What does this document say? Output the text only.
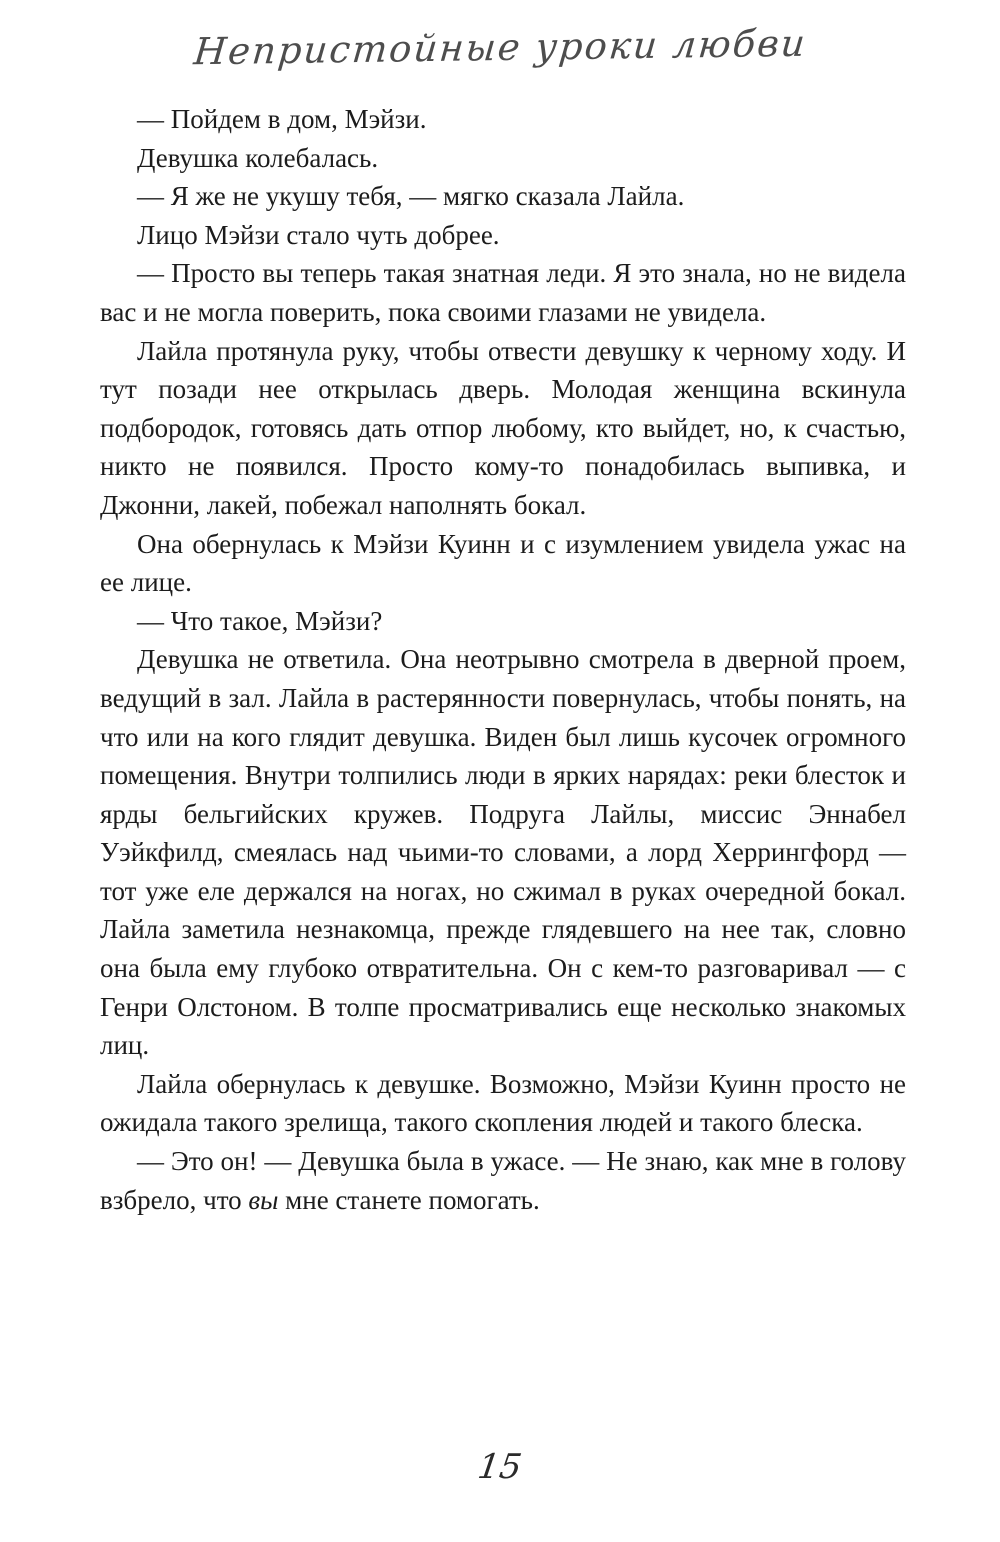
Непристойные уроки любви

— Пойдем в дом, Мэйзи.

Девушка колебалась.

— Я же не укушу тебя, — мягко сказала Лайла.

Лицо Мэйзи стало чуть добрее.

— Просто вы теперь такая знатная леди. Я это знала, но не видела вас и не могла поверить, пока своими глазами не увидела.

Лайла протянула руку, чтобы отвести девушку к черному ходу. И тут позади нее открылась дверь. Молодая женщина вскинула подбородок, готовясь дать отпор любому, кто выйдет, но, к счастью, никто не появился. Просто кому-то понадобилась выпивка, и Джонни, лакей, побежал наполнять бокал.

Она обернулась к Мэйзи Куинн и с изумлением увидела ужас на ее лице.

— Что такое, Мэйзи?

Девушка не ответила. Она неотрывно смотрела в дверной проем, ведущий в зал. Лайла в растерянности повернулась, чтобы понять, на что или на кого глядит девушка. Виден был лишь кусочек огромного помещения. Внутри толпились люди в ярких нарядах: реки блесток и ярды бельгийских кружев. Подруга Лайлы, миссис Эннабел Уэйкфилд, смеялась над чьими-то словами, а лорд Херрингфорд — тот уже еле держался на ногах, но сжимал в руках очередной бокал. Лайла заметила незнакомца, прежде глядевшего на нее так, словно она была ему глубоко отвратительна. Он с кем-то разговаривал — с Генри Олстоном. В толпе просматривались еще несколько знакомых лиц.

Лайла обернулась к девушке. Возможно, Мэйзи Куинн просто не ожидала такого зрелища, такого скопления людей и такого блеска.

— Это он! — Девушка была в ужасе. — Не знаю, как мне в голову взбрело, что вы мне станете помогать.

15
